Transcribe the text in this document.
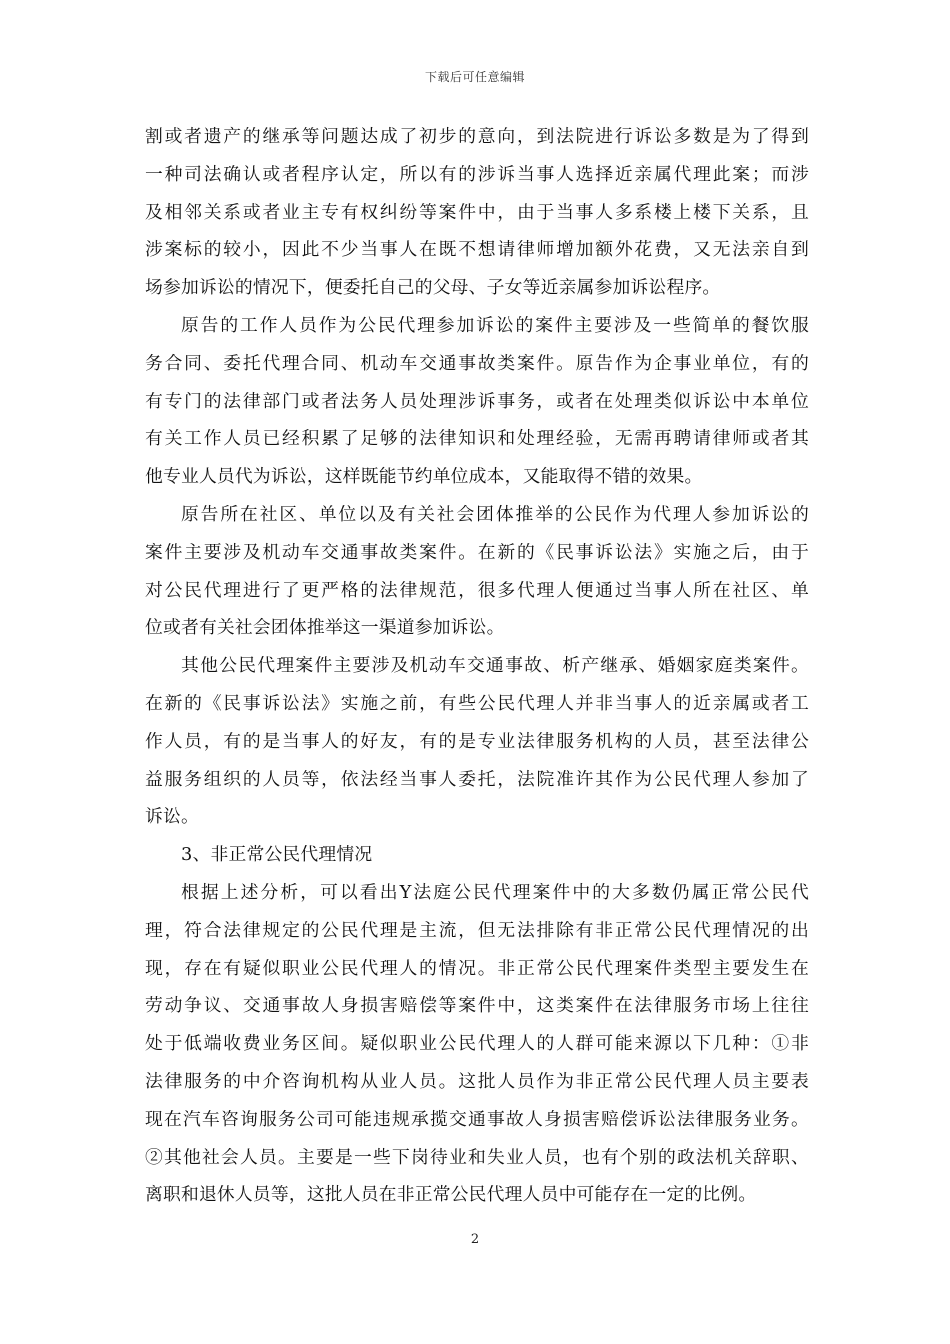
下载后可任意编辑
割或者遗产的继承等问题达成了初步的意向，到法院进行诉讼多数是为了得到
一种司法确认或者程序认定，所以有的涉诉当事人选择近亲属代理此案；而涉
及相邻关系或者业主专有权纠纷等案件中，由于当事人多系楼上楼下关系，且
涉案标的较小，因此不少当事人在既不想请律师增加额外花费，又无法亲自到
场参加诉讼的情况下，便委托自己的父母、子女等近亲属参加诉讼程序。
原告的工作人员作为公民代理参加诉讼的案件主要涉及一些简单的餐饮服
务合同、委托代理合同、机动车交通事故类案件。原告作为企事业单位，有的
有专门的法律部门或者法务人员处理涉诉事务，或者在处理类似诉讼中本单位
有关工作人员已经积累了足够的法律知识和处理经验，无需再聘请律师或者其
他专业人员代为诉讼，这样既能节约单位成本，又能取得不错的效果。
原告所在社区、单位以及有关社会团体推举的公民作为代理人参加诉讼的
案件主要涉及机动车交通事故类案件。在新的《民事诉讼法》实施之后，由于
对公民代理进行了更严格的法律规范，很多代理人便通过当事人所在社区、单
位或者有关社会团体推举这一渠道参加诉讼。
其他公民代理案件主要涉及机动车交通事故、析产继承、婚姻家庭类案件。
在新的《民事诉讼法》实施之前，有些公民代理人并非当事人的近亲属或者工
作人员，有的是当事人的好友，有的是专业法律服务机构的人员，甚至法律公
益服务组织的人员等，依法经当事人委托，法院准许其作为公民代理人参加了
诉讼。
3、非正常公民代理情况
根据上述分析，可以看出Y法庭公民代理案件中的大多数仍属正常公民代
理，符合法律规定的公民代理是主流，但无法排除有非正常公民代理情况的出
现，存在有疑似职业公民代理人的情况。非正常公民代理案件类型主要发生在
劳动争议、交通事故人身损害赔偿等案件中，这类案件在法律服务市场上往往
处于低端收费业务区间。疑似职业公民代理人的人群可能来源以下几种：①非
法律服务的中介咨询机构从业人员。这批人员作为非正常公民代理人员主要表
现在汽车咨询服务公司可能违规承揽交通事故人身损害赔偿诉讼法律服务业务。
②其他社会人员。主要是一些下岗待业和失业人员，也有个别的政法机关辞职、
离职和退休人员等，这批人员在非正常公民代理人员中可能存在一定的比例。
2
